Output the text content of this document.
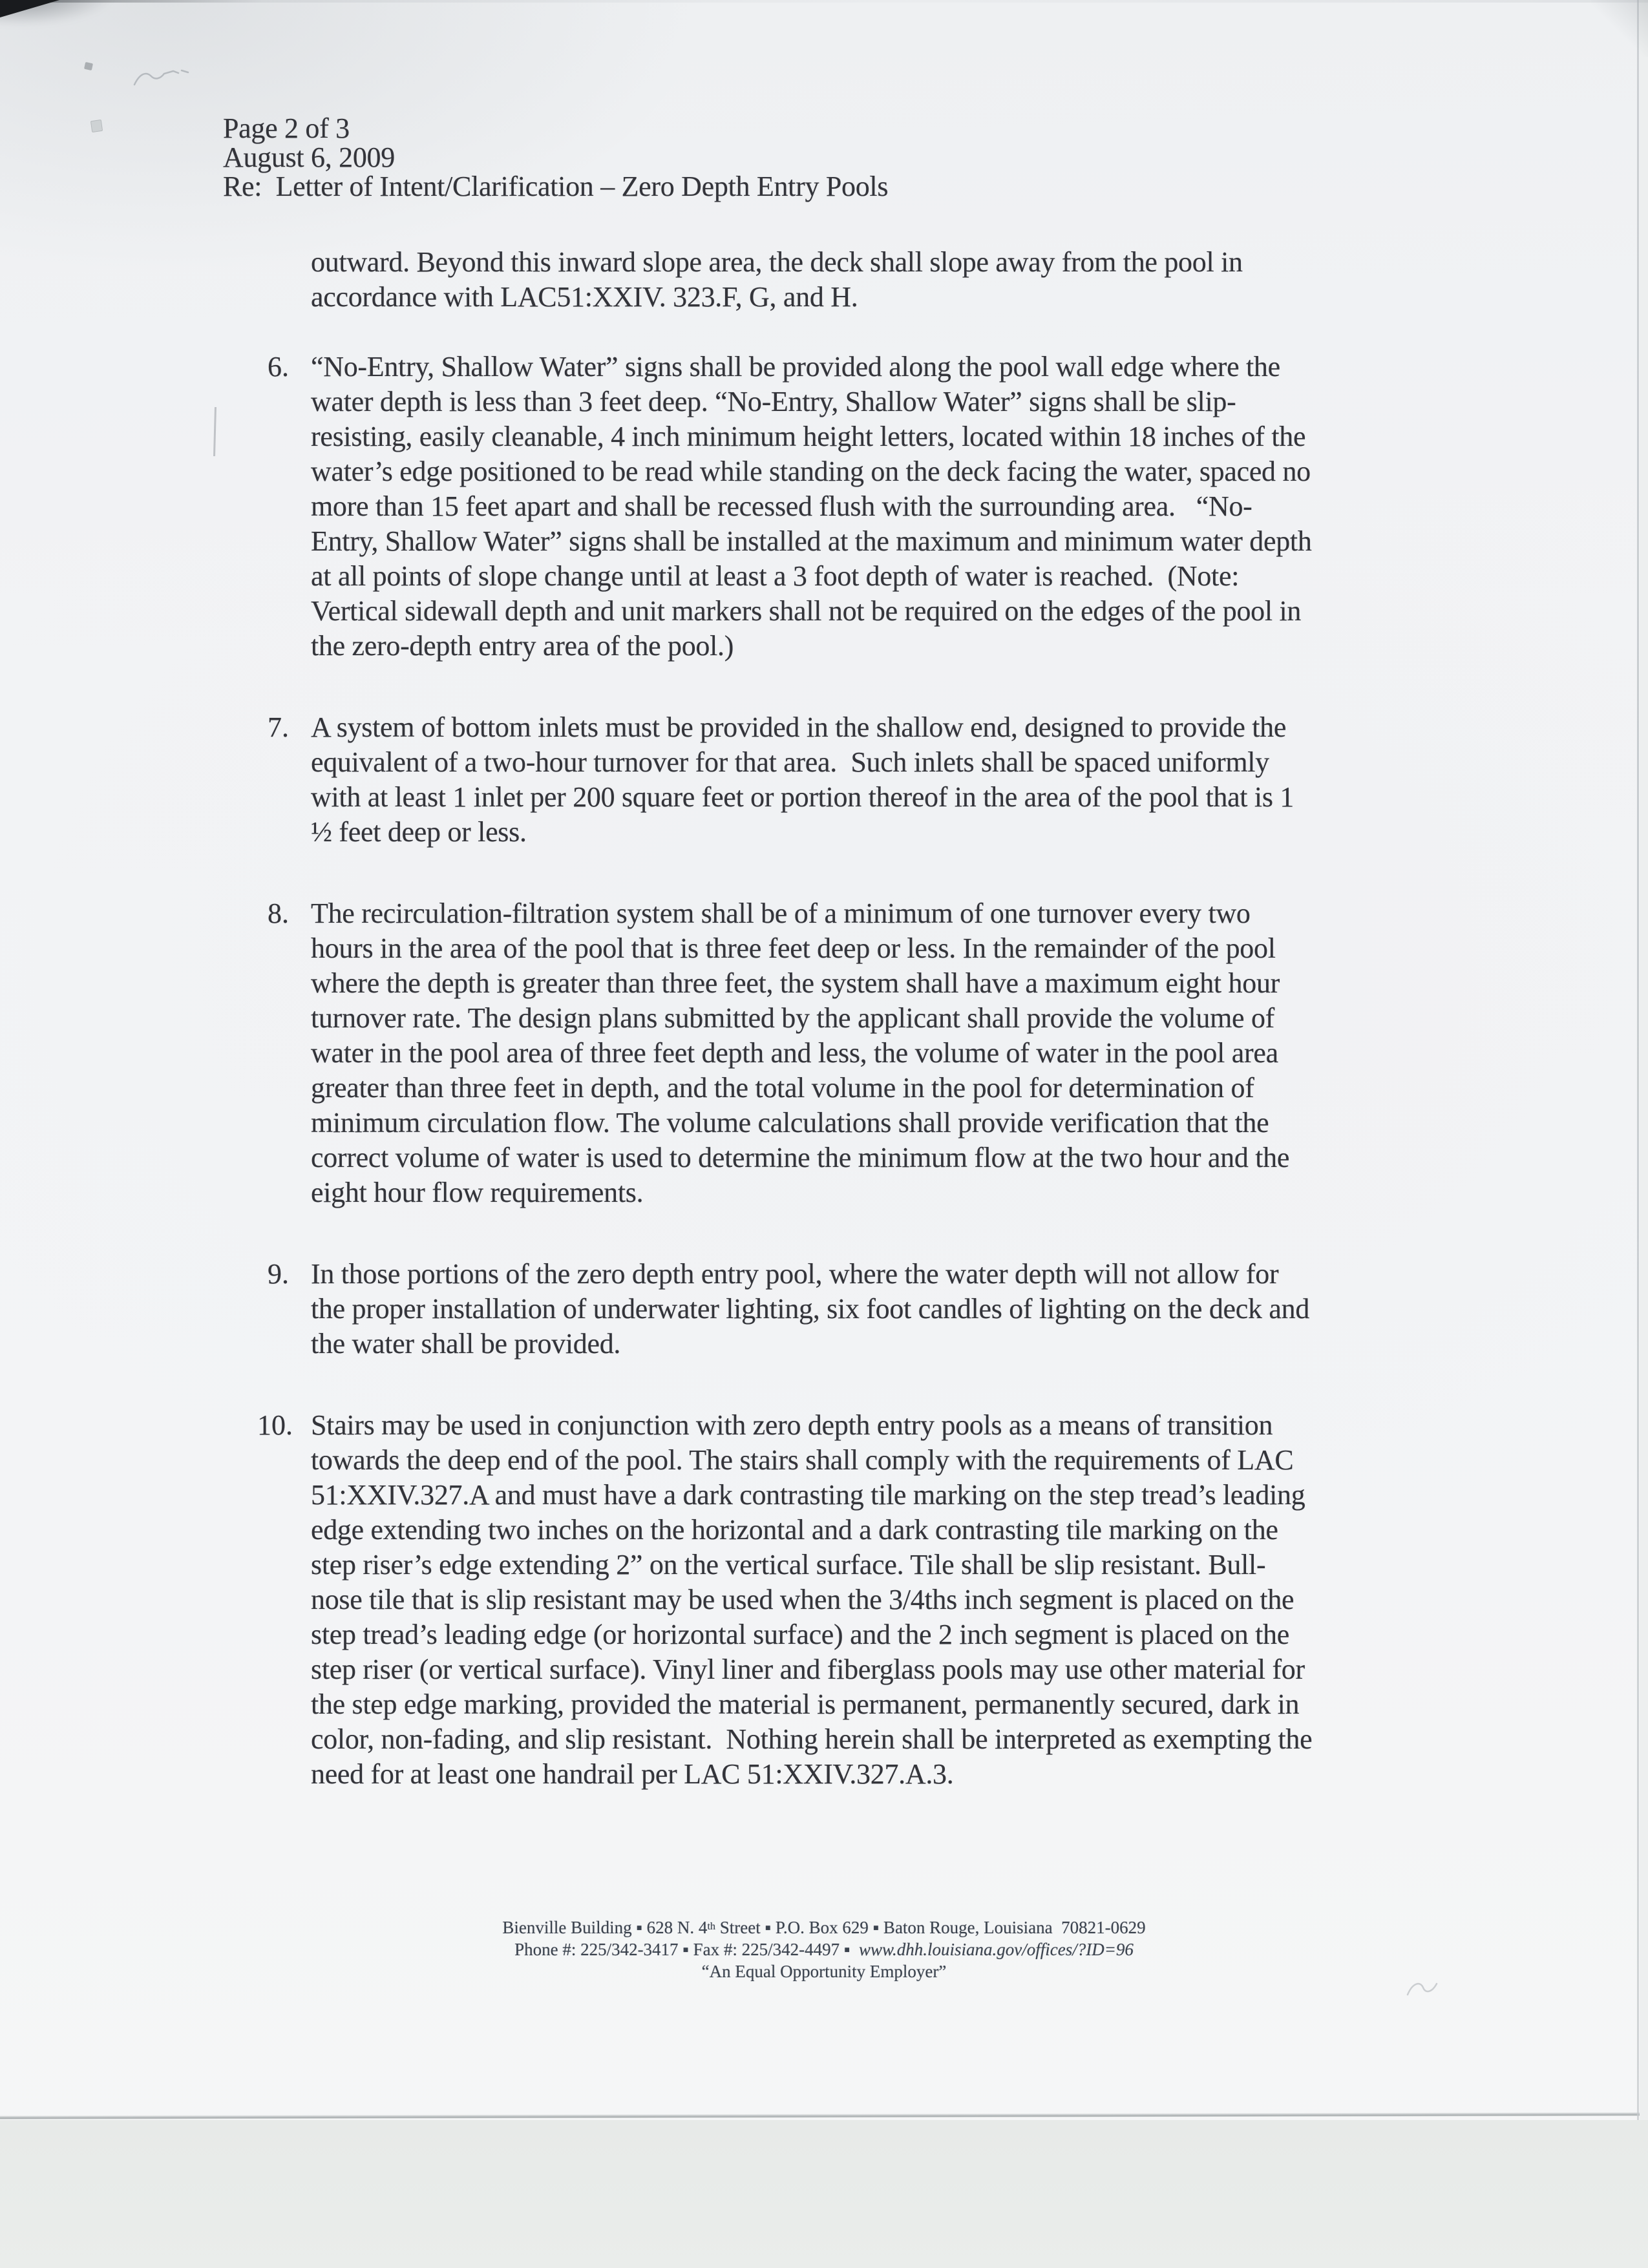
Page 2 of 3
August 6, 2009
Re:  Letter of Intent/Clarification – Zero Depth Entry Pools
outward. Beyond this inward slope area, the deck shall slope away from the pool in
accordance with LAC51:XXIV. 323.F, G, and H.
6. “No-Entry, Shallow Water” signs shall be provided along the pool wall edge where the
water depth is less than 3 feet deep. “No-Entry, Shallow Water” signs shall be slip-
resisting, easily cleanable, 4 inch minimum height letters, located within 18 inches of the
water’s edge positioned to be read while standing on the deck facing the water, spaced no
more than 15 feet apart and shall be recessed flush with the surrounding area.   “No-
Entry, Shallow Water” signs shall be installed at the maximum and minimum water depth
at all points of slope change until at least a 3 foot depth of water is reached.  (Note:
Vertical sidewall depth and unit markers shall not be required on the edges of the pool in
the zero-depth entry area of the pool.)
7. A system of bottom inlets must be provided in the shallow end, designed to provide the
equivalent of a two-hour turnover for that area.  Such inlets shall be spaced uniformly
with at least 1 inlet per 200 square feet or portion thereof in the area of the pool that is 1
½ feet deep or less.
8. The recirculation-filtration system shall be of a minimum of one turnover every two
hours in the area of the pool that is three feet deep or less. In the remainder of the pool
where the depth is greater than three feet, the system shall have a maximum eight hour
turnover rate. The design plans submitted by the applicant shall provide the volume of
water in the pool area of three feet depth and less, the volume of water in the pool area
greater than three feet in depth, and the total volume in the pool for determination of
minimum circulation flow. The volume calculations shall provide verification that the
correct volume of water is used to determine the minimum flow at the two hour and the
eight hour flow requirements.
9. In those portions of the zero depth entry pool, where the water depth will not allow for
the proper installation of underwater lighting, six foot candles of lighting on the deck and
the water shall be provided.
10. Stairs may be used in conjunction with zero depth entry pools as a means of transition
towards the deep end of the pool. The stairs shall comply with the requirements of LAC
51:XXIV.327.A and must have a dark contrasting tile marking on the step tread’s leading
edge extending two inches on the horizontal and a dark contrasting tile marking on the
step riser’s edge extending 2” on the vertical surface. Tile shall be slip resistant. Bull-
nose tile that is slip resistant may be used when the 3/4ths inch segment is placed on the
step tread’s leading edge (or horizontal surface) and the 2 inch segment is placed on the
step riser (or vertical surface). Vinyl liner and fiberglass pools may use other material for
the step edge marking, provided the material is permanent, permanently secured, dark in
color, non-fading, and slip resistant.  Nothing herein shall be interpreted as exempting the
need for at least one handrail per LAC 51:XXIV.327.A.3.
Bienville Building ▪ 628 N. 4th Street ▪ P.O. Box 629 ▪ Baton Rouge, Louisiana  70821-0629
Phone #: 225/342-3417 ▪ Fax #: 225/342-4497 ▪  www.dhh.louisiana.gov/offices/?ID=96
“An Equal Opportunity Employer”
